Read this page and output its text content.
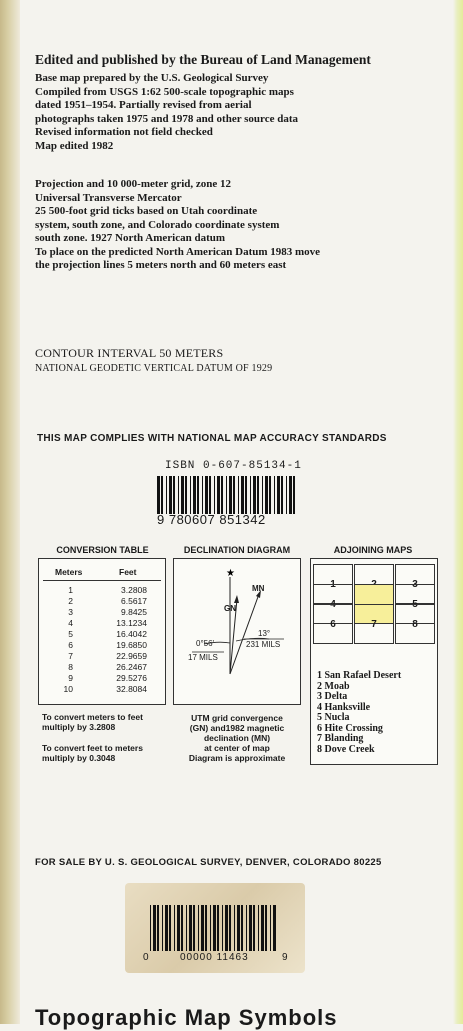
Edited and published by the Bureau of Land Management
Base map prepared by the U.S. Geological Survey
Compiled from USGS 1:62 500-scale topographic maps
dated 1951–1954. Partially revised from aerial
photographs taken 1975 and 1978 and other source data
Revised information not field checked
Map edited 1982
Projection and 10 000-meter grid, zone 12
Universal Transverse Mercator
25 500-foot grid ticks based on Utah coordinate
system, south zone, and Colorado coordinate system
south zone. 1927 North American datum
To place on the predicted North American Datum 1983 move
the projection lines 5 meters north and 60 meters east
CONTOUR INTERVAL 50 METERS
NATIONAL GEODETIC VERTICAL DATUM OF 1929
THIS MAP COMPLIES WITH NATIONAL MAP ACCURACY STANDARDS
ISBN 0-607-85134-1
9 780607 851342
CONVERSION TABLE
Meters	Feet
1	3.2808
2	6.5617
3	9.8425
4	13.1234
5	16.4042
6	19.6850
7	22.9659
8	26.2467
9	29.5276
10	32.8084
To convert meters to feet multiply by 3.2808
To convert feet to meters multiply by 0.3048
DECLINATION DIAGRAM
★
GN
MN
0°56'
17 MILS
13°
231 MILS
UTM grid convergence
(GN) and1982 magnetic
declination (MN)
at center of map
Diagram is approximate
ADJOINING MAPS
1	3
4	5
6	7	8
1 San Rafael Desert
2 Moab
3 Delta
4 Hanksville
5 Nucla
6 Hite Crossing
7 Blanding
8 Dove Creek
FOR SALE BY U. S. GEOLOGICAL SURVEY, DENVER, COLORADO 80225
0	00000 11463	9
Topographic Map Symbols
